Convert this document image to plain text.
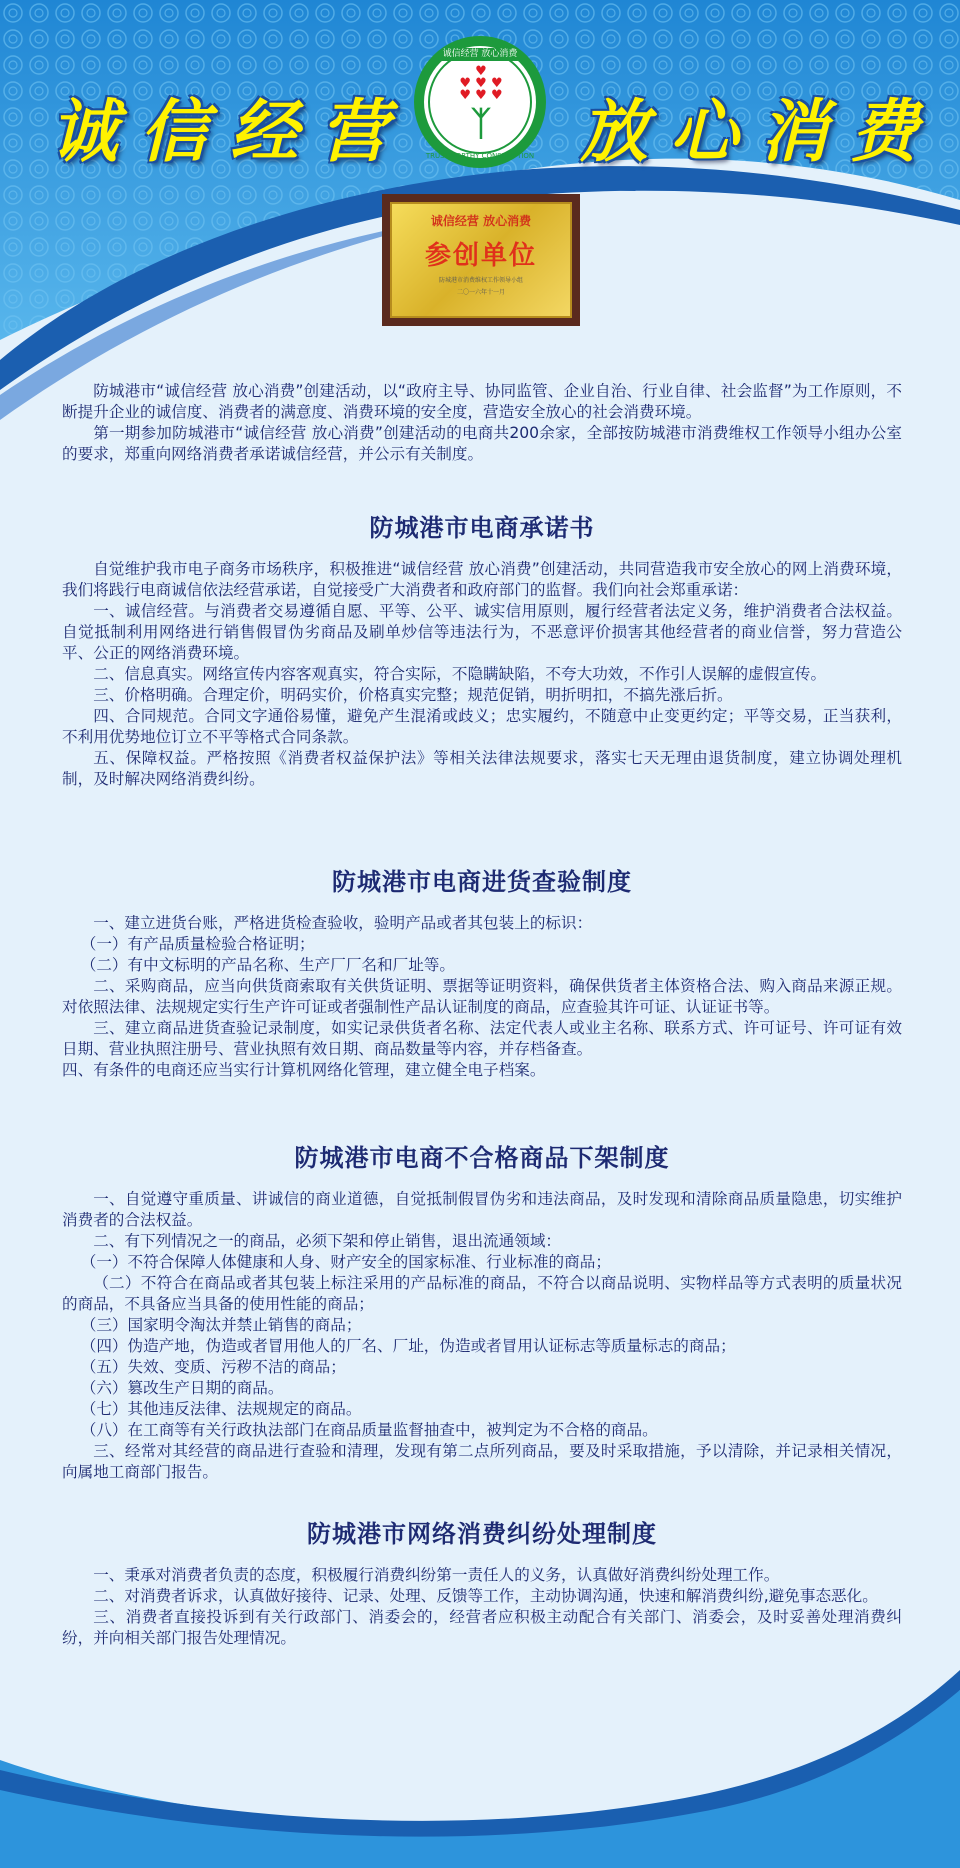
诚信经营
诚信经营 放心消费
♥
♥ ♥ ♥
♥ ♥ ♥
ᛉ
TRUSTWORTHY CONSUMPTION 放心消费
诚信经营 放心消费
参创单位
防城港市消费维权工作领导小组
二〇一六年十一月

防城港市“诚信经营 放心消费”创建活动，以“政府主导、协同监管、企业自治、行业自律、社会监督”为工作原则，不断提升企业的诚信度、消费者的满意度、消费环境的安全度，营造安全放心的社会消费环境。

第一期参加防城港市“诚信经营 放心消费”创建活动的电商共200余家，全部按防城港市消费维权工作领导小组办公室的要求，郑重向网络消费者承诺诚信经营，并公示有关制度。

防城港市电商承诺书

自觉维护我市电子商务市场秩序，积极推进“诚信经营 放心消费”创建活动，共同营造我市安全放心的网上消费环境，我们将践行电商诚信依法经营承诺，自觉接受广大消费者和政府部门的监督。我们向社会郑重承诺：

一、诚信经营。与消费者交易遵循自愿、平等、公平、诚实信用原则，履行经营者法定义务，维护消费者合法权益。自觉抵制利用网络进行销售假冒伪劣商品及刷单炒信等违法行为，不恶意评价损害其他经营者的商业信誉，努力营造公平、公正的网络消费环境。

二、信息真实。网络宣传内容客观真实，符合实际，不隐瞒缺陷，不夸大功效，不作引人误解的虚假宣传。

三、价格明确。合理定价，明码实价，价格真实完整；规范促销，明折明扣，不搞先涨后折。

四、合同规范。合同文字通俗易懂，避免产生混淆或歧义；忠实履约，不随意中止变更约定；平等交易，正当获利，不利用优势地位订立不平等格式合同条款。

五、保障权益。严格按照《消费者权益保护法》等相关法律法规要求，落实七天无理由退货制度，建立协调处理机制，及时解决网络消费纠纷。

防城港市电商进货查验制度

一、建立进货台账，严格进货检查验收，验明产品或者其包装上的标识：

（一）有产品质量检验合格证明；

（二）有中文标明的产品名称、生产厂厂名和厂址等。

二、采购商品，应当向供货商索取有关供货证明、票据等证明资料，确保供货者主体资格合法、购入商品来源正规。对依照法律、法规规定实行生产许可证或者强制性产品认证制度的商品，应查验其许可证、认证证书等。

三、建立商品进货查验记录制度，如实记录供货者名称、法定代表人或业主名称、联系方式、许可证号、许可证有效日期、营业执照注册号、营业执照有效日期、商品数量等内容，并存档备查。

四、有条件的电商还应当实行计算机网络化管理，建立健全电子档案。

防城港市电商不合格商品下架制度

一、自觉遵守重质量、讲诚信的商业道德，自觉抵制假冒伪劣和违法商品，及时发现和清除商品质量隐患，切实维护消费者的合法权益。

二、有下列情况之一的商品，必须下架和停止销售，退出流通领域：

（一）不符合保障人体健康和人身、财产安全的国家标准、行业标准的商品；

（二）不符合在商品或者其包装上标注采用的产品标准的商品，不符合以商品说明、实物样品等方式表明的质量状况的商品，不具备应当具备的使用性能的商品；

（三）国家明令淘汰并禁止销售的商品；

（四）伪造产地，伪造或者冒用他人的厂名、厂址，伪造或者冒用认证标志等质量标志的商品；

（五）失效、变质、污秽不洁的商品；

（六）篡改生产日期的商品。

（七）其他违反法律、法规规定的商品。

（八）在工商等有关行政执法部门在商品质量监督抽查中，被判定为不合格的商品。

三、经常对其经营的商品进行查验和清理，发现有第二点所列商品，要及时采取措施，予以清除，并记录相关情况，向属地工商部门报告。

防城港市网络消费纠纷处理制度

一、秉承对消费者负责的态度，积极履行消费纠纷第一责任人的义务，认真做好消费纠纷处理工作。

二、对消费者诉求，认真做好接待、记录、处理、反馈等工作，主动协调沟通，快速和解消费纠纷,避免事态恶化。

三、消费者直接投诉到有关行政部门、消委会的，经营者应积极主动配合有关部门、消委会，及时妥善处理消费纠纷，并向相关部门报告处理情况。
